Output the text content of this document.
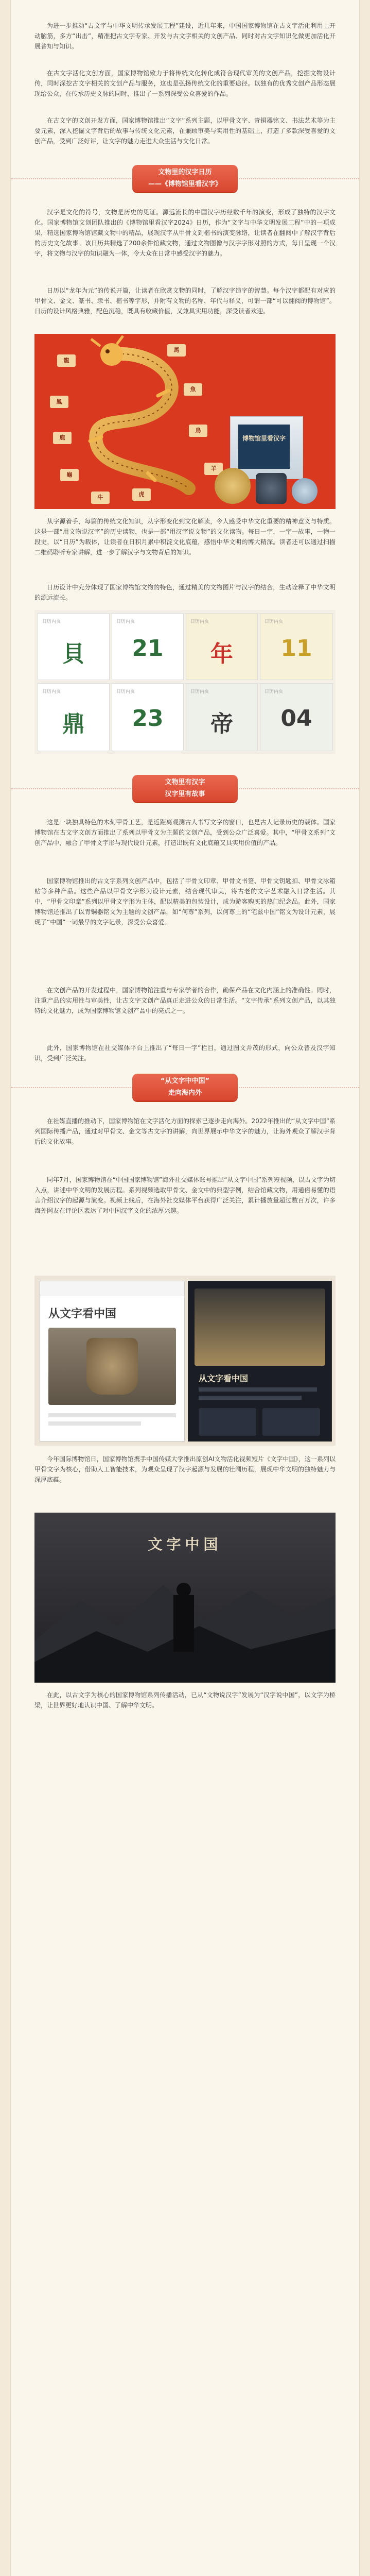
为进一步推动“古文字与中华文明传承发展工程”建设，近几年来，中国国家博物馆在古文字活化利用上开动脑筋，多方“出击”，精准把古文字专家、开发与古文字相关的文创产品、同时对古文字知识化做更加活化开展普知与知识。

在古文字活化文创方面，国家博物馆致力于将传统文化转化成符合现代审美的文创产品，挖掘文物设计传，同时深挖古文字相关的文创产品与服务，这也是弘扬传统文化的重要途径。以独有的优秀文创产品形态展现给公众，在传承历史文脉的同时，推出了一系列深受公众喜爱的作品。

在古文字的文创开发方面，国家博物馆推出“文字”系列主题，以甲骨文字、青铜器铭文、书法艺术等为主要元素，深入挖掘文字背后的故事与传统文化元素，在兼顾审美与实用性的基础上，打造了多款深受喜爱的文创产品，受到广泛好评，让文字的魅力走进大众生活与文化日常。

文物里的汉字日历
——《博物馆里看汉字》

汉字是文化的符号，文物是历史的见证。源远流长的中国汉字历经数千年的演变，形成了独特的汉字文化。国家博物馆文创团队推出的《博物馆里看汉字2024》日历，作为“文字与中华文明发展工程”中的一项成果，精选国家博物馆馆藏文物中的精品，展现汉字从甲骨文到楷书的演变脉络，让读者在翻阅中了解汉字背后的历史文化故事。该日历共精选了200余件馆藏文物，通过文物图像与汉字字形对照的方式，每日呈现一个汉字，将文物与汉字的知识融为一体，令大众在日常中感受汉字的魅力。

日历以“龙年为元”的传说开篇，让读者在欣赏文物的同时，了解汉字造字的智慧。每个汉字都配有对应的甲骨文、金文、篆书、隶书、楷书等字形，并附有文物的名称、年代与释义，可谓一部“可以翻阅的博物馆”。日历的设计风格典雅，配色沉稳，既具有收藏价值，又兼具实用功能，深受读者欢迎。

龍
馬
鳳
魚
鹿
鳥
龜
虎
羊
牛
博物馆里看汉字

从字源着手，每篇的传统文化知识，从字形变化到文化解读，令人感受中华文化重要的精神意义与特质。这是一部“用文物说汉字”的历史读物，也是一部“用汉字说文物”的文化读物。每日一字，一字一故事，一物一段史，以“日历”为载体，让读者在日积月累中积淀文化底蕴，感悟中华文明的博大精深。读者还可以通过扫描二维码聆听专家讲解，进一步了解汉字与文物背后的知识。

日历设计中充分体现了国家博物馆文物的特色，通过精美的文物图片与汉字的结合，生动诠释了中华文明的源远流长。

日历内页
貝
日历内页
21
日历内页
年
日历内页
11
日历内页
鼎
日历内页
23
日历内页
帝
日历内页
04
文物里有汉字
汉字里有故事

这是一块独具特色的木刻甲骨工艺，是近距离观测古人书写文字的窗口，也是古人记录历史的载体。国家博物馆在古文字文创方面推出了系列以甲骨文为主题的文创产品，受到公众广泛喜爱。其中，“甲骨文系列”文创产品中，融合了甲骨文字形与现代设计元素，打造出既有文化底蕴又具实用价值的产品。

国家博物馆推出的古文字系列文创产品中，包括了甲骨文印章、甲骨文书签、甲骨文钥匙扣、甲骨文冰箱贴等多种产品。这些产品以甲骨文字形为设计元素，结合现代审美，将古老的文字艺术融入日常生活。其中，“甲骨文印章”系列以甲骨文字形为主体，配以精美的包装设计，成为游客购买的热门纪念品。此外，国家博物馆还推出了以青铜器铭文为主题的文创产品，如“何尊”系列，以何尊上的“宅兹中国”铭文为设计元素，展现了“中国”一词最早的文字记录，深受公众喜爱。

在文创产品的开发过程中，国家博物馆注重与专家学者的合作，确保产品在文化内涵上的准确性。同时，注重产品的实用性与审美性，让古文字文创产品真正走进公众的日常生活。“文字传承”系列文创产品，以其独特的文化魅力，成为国家博物馆文创产品中的亮点之一。

此外，国家博物馆在社交媒体平台上推出了“每日一字”栏目，通过图文并茂的形式，向公众普及汉字知识，受到广泛关注。

“从文字中中国”
走向海内外

在社媒直播的推动下，国家博物馆在文字活化方面的探索已逐步走向海外。2022年推出的“从文字中国”系列国际传播产品，通过对甲骨文、金文等古文字的讲解，向世界展示中华文字的魅力，让海外观众了解汉字背后的文化故事。

同年7月，国家博物馆在“中国国家博物馆”海外社交媒体账号推出“从文字中国”系列短视频，以古文字为切入点，讲述中华文明的发展历程。系列视频选取甲骨文、金文中的典型字例，结合馆藏文物，用通俗易懂的语言介绍汉字的起源与演变。视频上线后，在海外社交媒体平台获得广泛关注，累计播放量超过数百万次，许多海外网友在评论区表达了对中国汉字文化的浓厚兴趣。

从文字看中国
从文字看中国

今年国际博物馆日，国家博物馆携手中国传媒大学推出原创AI文物活化视频短片《文字中国》，这一系列以甲骨文字为核心，借助人工智能技术，为观众呈现了汉字起源与发展的壮阔历程，展现中华文明的独特魅力与深厚底蕴。

文字中国

在此，以古文字为核心的国家博物馆系列传播活动，已从“文物说汉字”发展为“汉字说中国”，以文字为桥梁，让世界更好地认识中国、了解中华文明。
